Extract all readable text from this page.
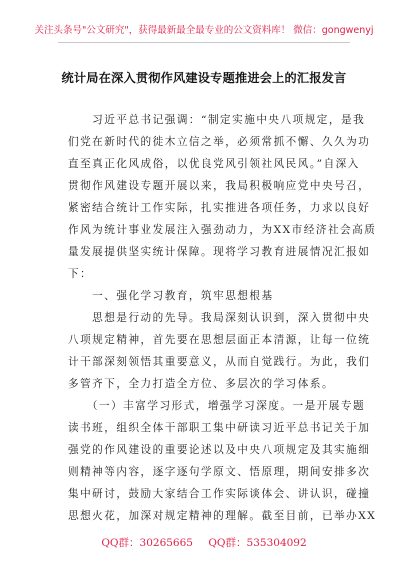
关注头条号"公文研究"，获得最新最全最专业的公文资料库！ 微信：gongwenyj
统计局在深入贯彻作风建设专题推进会上的汇报发言
　　习近平总书记强调：“制定实施中央八项规定，是我
们党在新时代的徙木立信之举，必须常抓不懈、久久为功
直至真正化风成俗，以优良党风引领社风民风。”自深入
贯彻作风建设专题开展以来，我局积极响应党中央号召，
紧密结合统计工作实际，扎实推进各项任务，力求以良好
作风为统计事业发展注入强劲动力，为XX市经济社会高质
量发展提供坚实统计保障。现将学习教育进展情况汇报如
下：
　　一、强化学习教育，筑牢思想根基
　　思想是行动的先导。我局深刻认识到，深入贯彻中央
八项规定精神，首先要在思想层面正本清源，让每一位统
计干部深刻领悟其重要意义，从而自觉践行。为此，我们
多管齐下，全力打造全方位、多层次的学习体系。
　　（一）丰富学习形式，增强学习深度。一是开展专题
读书班，组织全体干部职工集中研读习近平总书记关于加
强党的作风建设的重要论述以及中央八项规定及其实施细
则精神等内容，逐字逐句学原文、悟原理，期间安排多次
集中研讨，鼓励大家结合工作实际谈体会、讲认识，碰撞
思想火花，加深对规定精神的理解。截至目前，已举办XX
QQ群：30265665 QQ群：535304092
